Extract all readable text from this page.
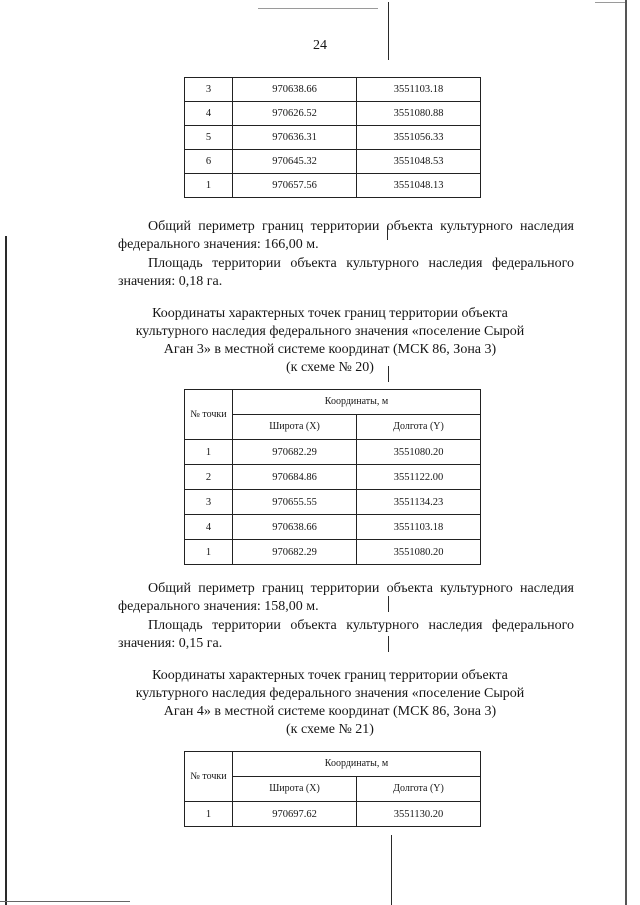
24
3	970638.66	3551103.18
4	970626.52	3551080.88
5	970636.31	3551056.33
6	970645.32	3551048.53
1	970657.56	3551048.13

Общий периметр границ территории объекта культурного наследия
федерального значения: 166,00 м.

Площадь территории объекта культурного наследия федерального
значения: 0,18 га.

Координаты характерных точек границ территории объекта
культурного наследия федерального значения «поселение Сырой
Аган 3» в местной системе координат (МСК 86, Зона 3)
(к схеме № 20)
№ точки	Координаты, м	
	Широта (X)	Долгота (Y)
1	970682.29	3551080.20
2	970684.86	3551122.00
3	970655.55	3551134.23
4	970638.66	3551103.18
1	970682.29	3551080.20

Общий периметр границ территории объекта культурного наследия
федерального значения: 158,00 м.

Площадь территории объекта культурного наследия федерального
значения: 0,15 га.

Координаты характерных точек границ территории объекта
культурного наследия федерального значения «поселение Сырой
Аган 4» в местной системе координат (МСК 86, Зона 3)
(к схеме № 21)
№ точки	Координаты, м	
	Широта (X)	Долгота (Y)
1	970697.62	3551130.20
